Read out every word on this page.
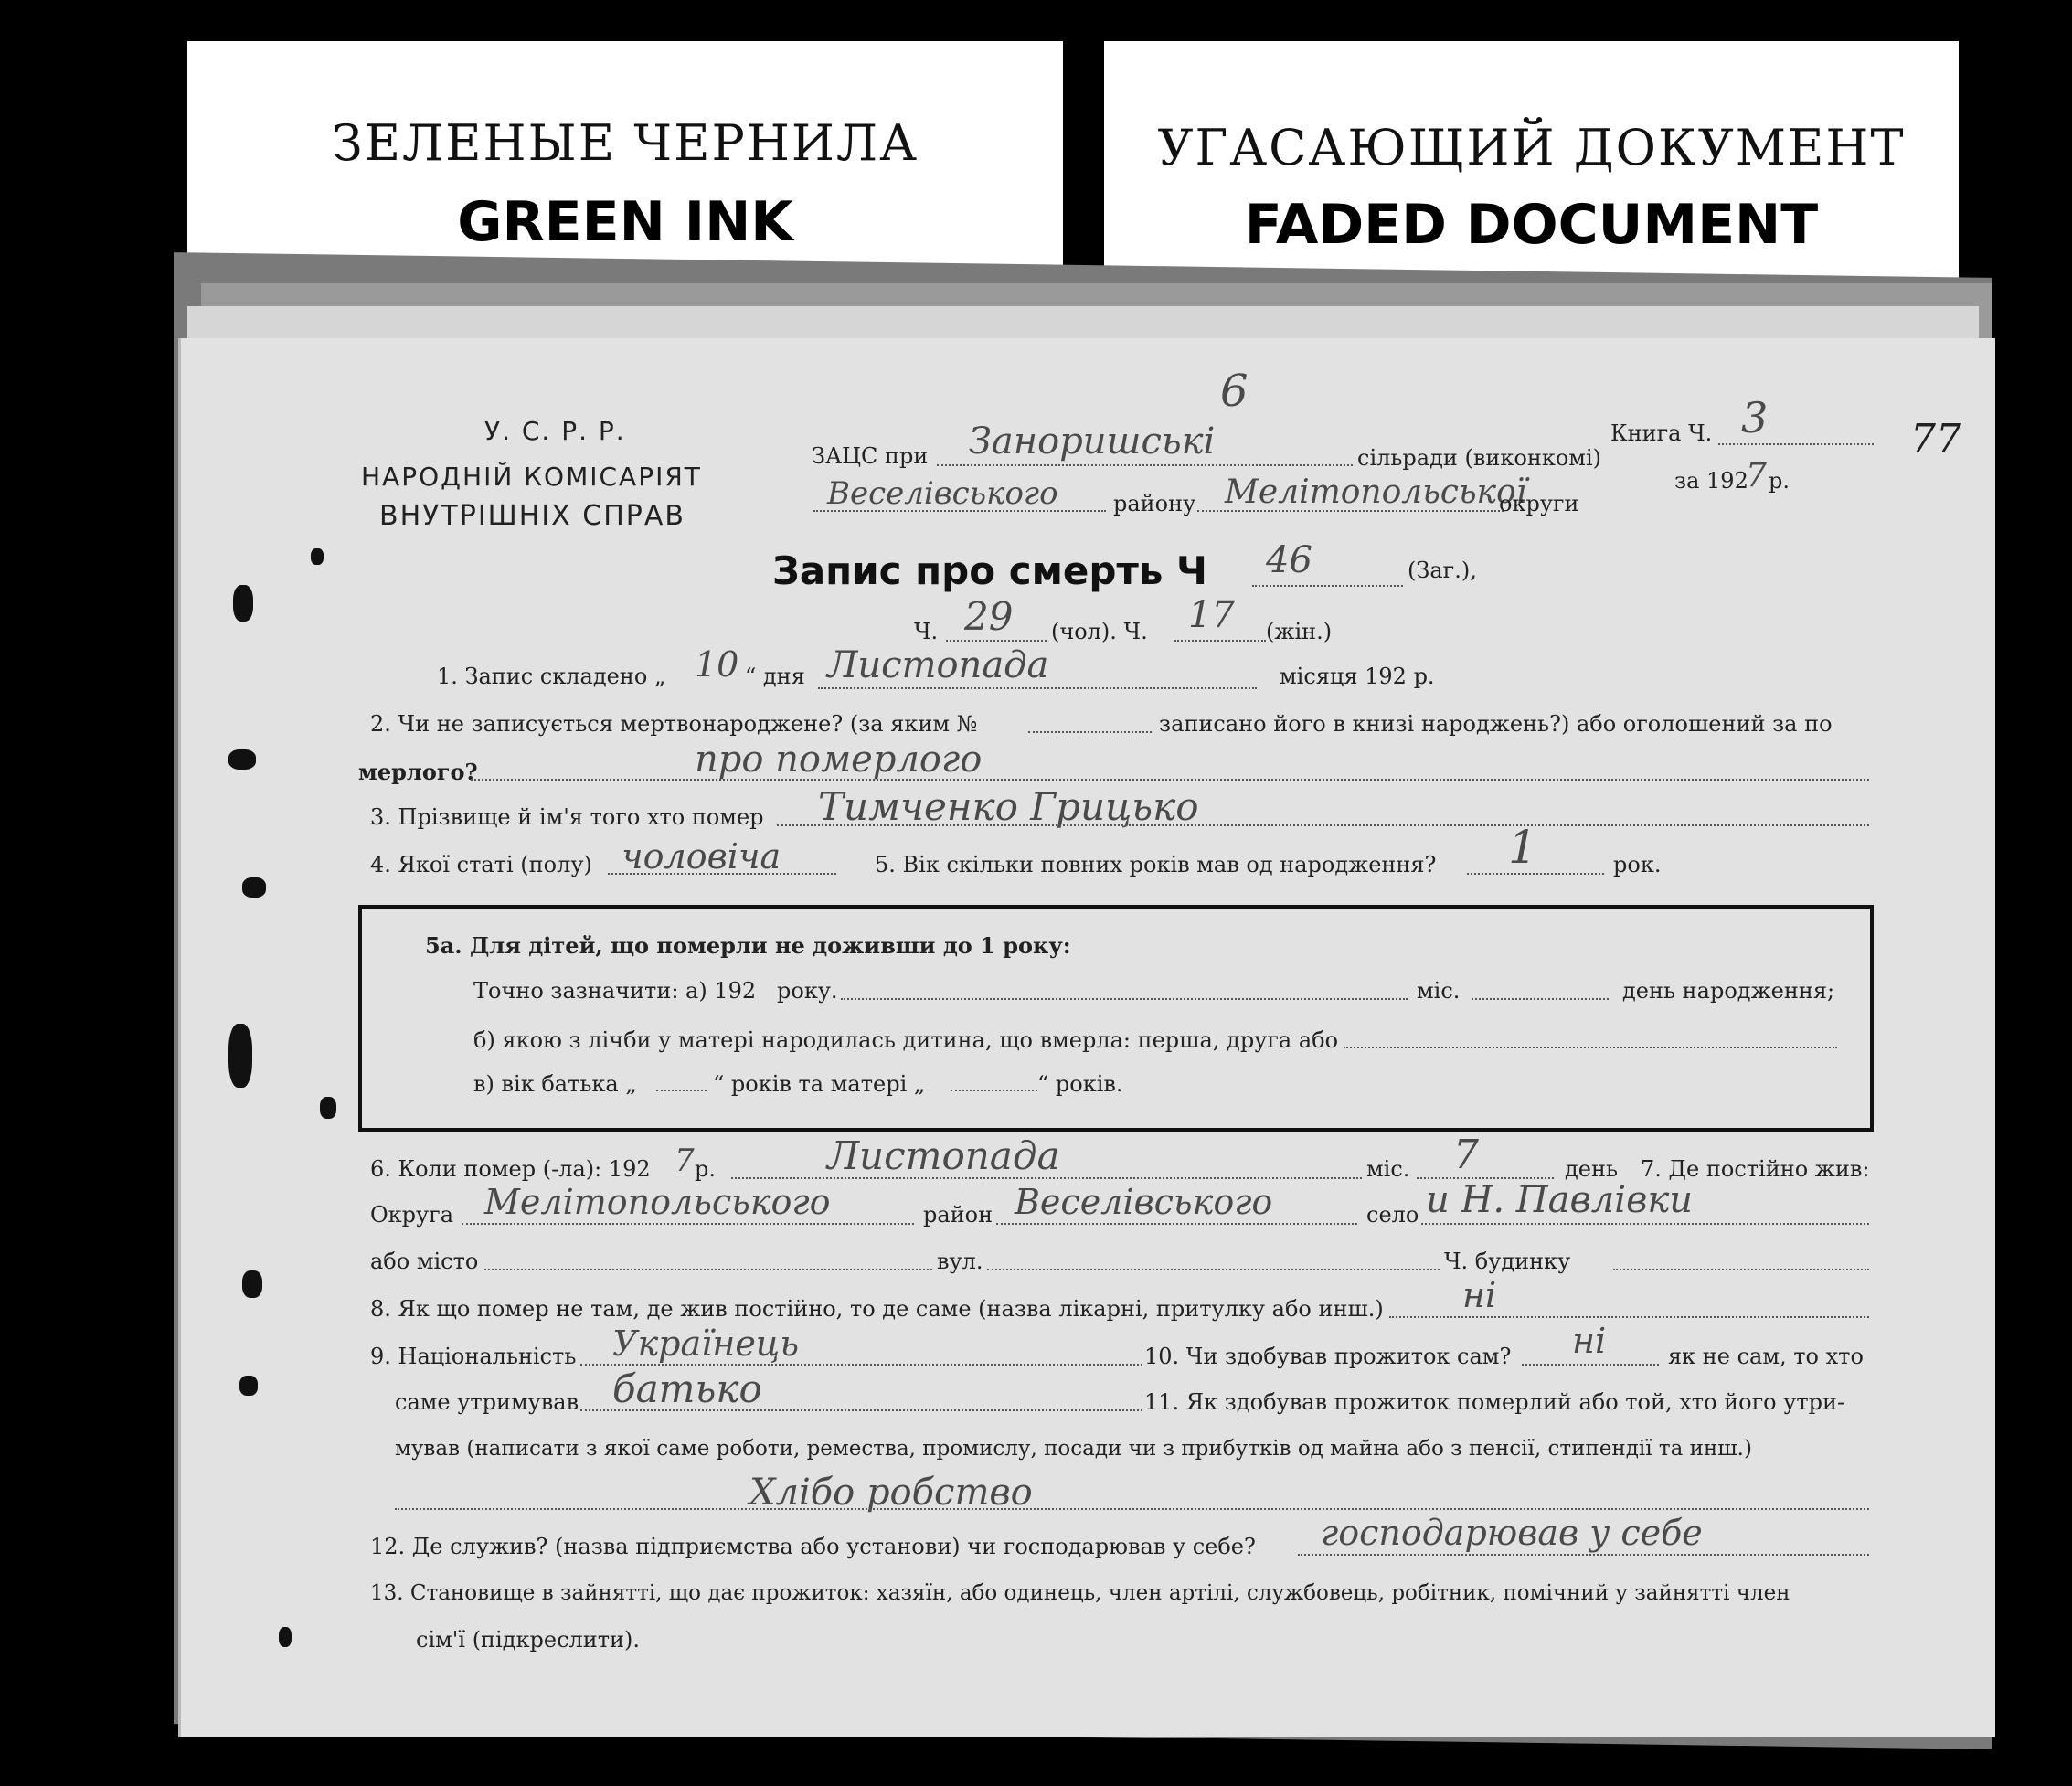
ЗЕЛЕНЫЕ ЧЕРНИЛА
GREEN INK
УГАСАЮЩИЙ ДОКУМЕНТ
FADED DOCUMENT
6
77
У. С. Р. Р.
НАРОДНІЙ КОМІСАРІЯТ
ВНУТРІШНІХ СПРАВ
ЗАЦС при Заноришські	сільради (виконкомі)
Книга Ч. 3
Веселівського	району Мелітопольської
округи
за 192
7 р.
Запис про смерть Ч 46	(Заг.),
Ч. 29 (чол). Ч. 17 (жін.)
1. Запис складено „ 10 “ дня Листопада	місяця 192 р.
2. Чи не записується мертвонароджене? (за яким №	записано його в книзі народжень?) або оголошений за по
мерлого?	про померлого
3. Прізвище й ім'я того хто помер Тимченко Грицько
4. Якої статі (полу) чоловіча	5. Вік скільки повних років мав од народження? 1	рок.
5а. Для дітей, що померли не доживши до 1 року:
Точно зазначити: а) 192 року.	міс.	день народження;
б) якою з лічби у матері народилась дитина, що вмерла: перша, друга або
в) вік батька „	“ років та матері „	“ років.
6. Коли помер (-ла): 192 7 р.	Листопада	міс. 7	день 7. Де постійно жив:
Округа Мелітопольського	район Веселівського	село и Н. Павлівки
або місто	вул.	Ч. будинку
8. Як що помер не там, де жив постійно, то де саме (назва лікарні, притулку або инш.) ні
9. Національність Українець	10. Чи здобував прожиток сам? ні	як не сам, то хто
саме утримував батько	11. Як здобував прожиток померлий або той, хто його утри-
мував (написати з якої саме роботи, ремества, промислу, посади чи з прибутків од майна або з пенсії, стипендії та инш.)
Хлібо робство
12. Де служив? (назва підприємства або установи) чи господарював у себе? господарював у себе
13. Становище в зайнятті, що дає прожиток: хазяїн, або одинець, член артілі, службовець, робітник, помічний у зайнятті член
сім'ї (підкреслити).
